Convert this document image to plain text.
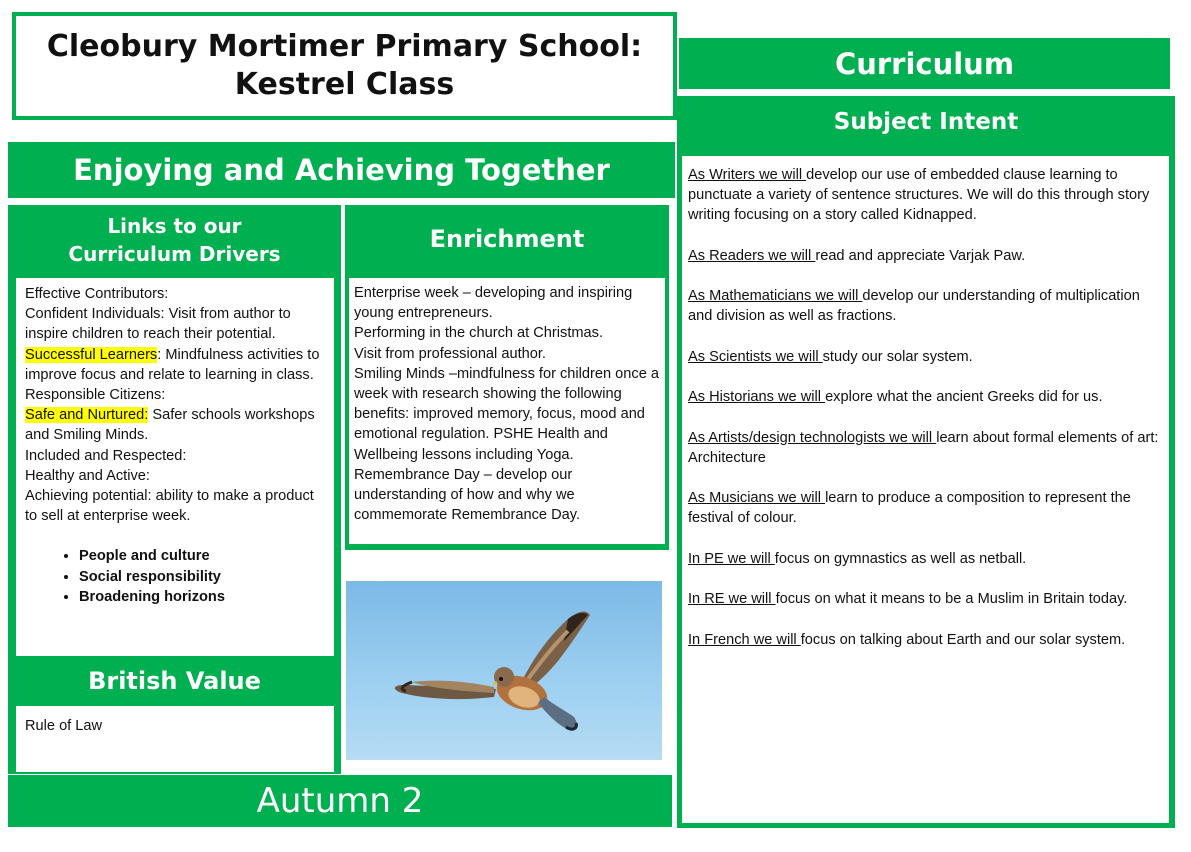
Cleobury Mortimer Primary School:
Kestrel Class
Enjoying and Achieving Together
Links to our
Curriculum Drivers
Effective Contributors:
Confident Individuals: Visit from author to inspire children to reach their potential.
Successful Learners: Mindfulness activities to improve focus and relate to learning in class.
Responsible Citizens:
Safe and Nurtured: Safer schools workshops and Smiling Minds.
Included and Respected:
Healthy and Active:
Achieving potential: ability to make a product to sell at enterprise week.
• People and culture
• Social responsibility
• Broadening horizons
British Value
Rule of Law
Enrichment
Enterprise week – developing and inspiring young entrepreneurs.
Performing in the church at Christmas.
Visit from professional author.
Smiling Minds –mindfulness for children once a week with research showing the following benefits: improved memory, focus, mood and emotional regulation. PSHE Health and Wellbeing lessons including Yoga.
Remembrance Day – develop our understanding of how and why we commemorate Remembrance Day.
Autumn 2
Curriculum
Subject Intent

As Writers we will develop our use of embedded clause learning to punctuate a variety of sentence structures. We will do this through story writing focusing on a story called Kidnapped.

As Readers we will read and appreciate Varjak Paw.

As Mathematicians we will develop our understanding of multiplication and division as well as fractions.

As Scientists we will study our solar system.

As Historians we will explore what the ancient Greeks did for us.

As Artists/design technologists we will learn about formal elements of art: Architecture

As Musicians we will learn to produce a composition to represent the festival of colour.

In PE we will focus on gymnastics as well as netball.

In RE we will focus on what it means to be a Muslim in Britain today.

In French we will focus on talking about Earth and our solar system.
